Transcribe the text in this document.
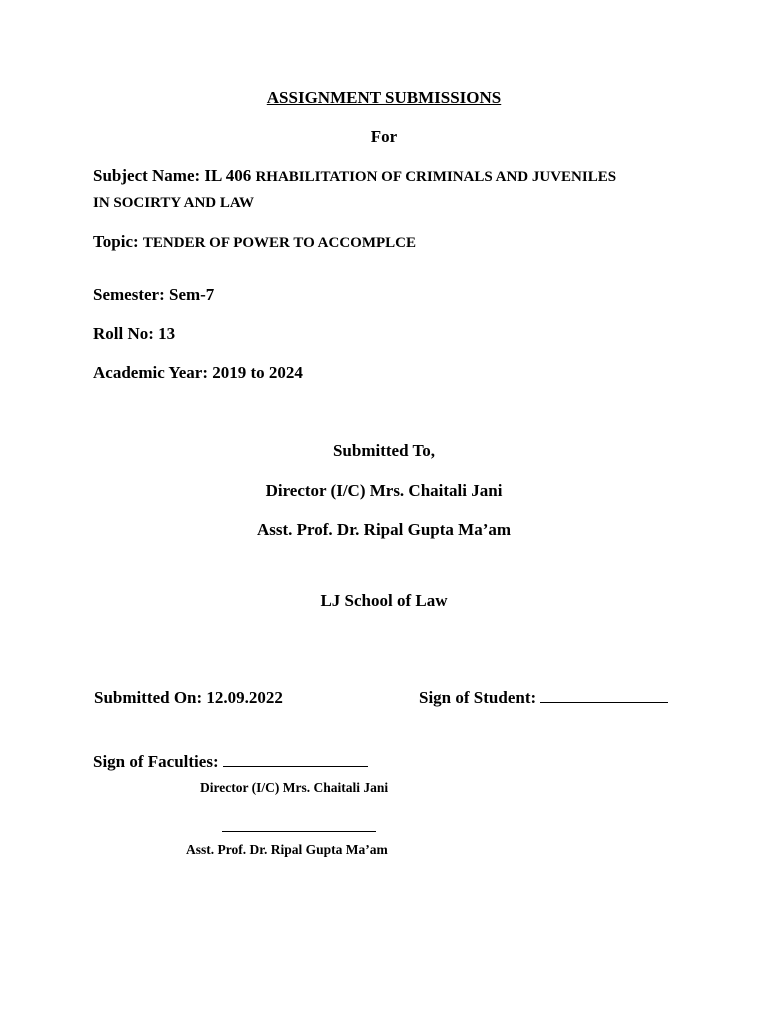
ASSIGNMENT SUBMISSIONS
For
Subject Name: IL 406 RHABILITATION OF CRIMINALS AND JUVENILES
IN SOCIRTY AND LAW
Topic: TENDER OF POWER TO ACCOMPLCE
Semester: Sem-7
Roll No: 13
Academic Year: 2019 to 2024
Submitted To,
Director (I/C) Mrs. Chaitali Jani
Asst. Prof. Dr. Ripal Gupta Ma’am
LJ School of Law
Submitted On: 12.09.2022	Sign of Student:
Sign of Faculties:
Director (I/C) Mrs. Chaitali Jani
Asst. Prof. Dr. Ripal Gupta Ma’am
